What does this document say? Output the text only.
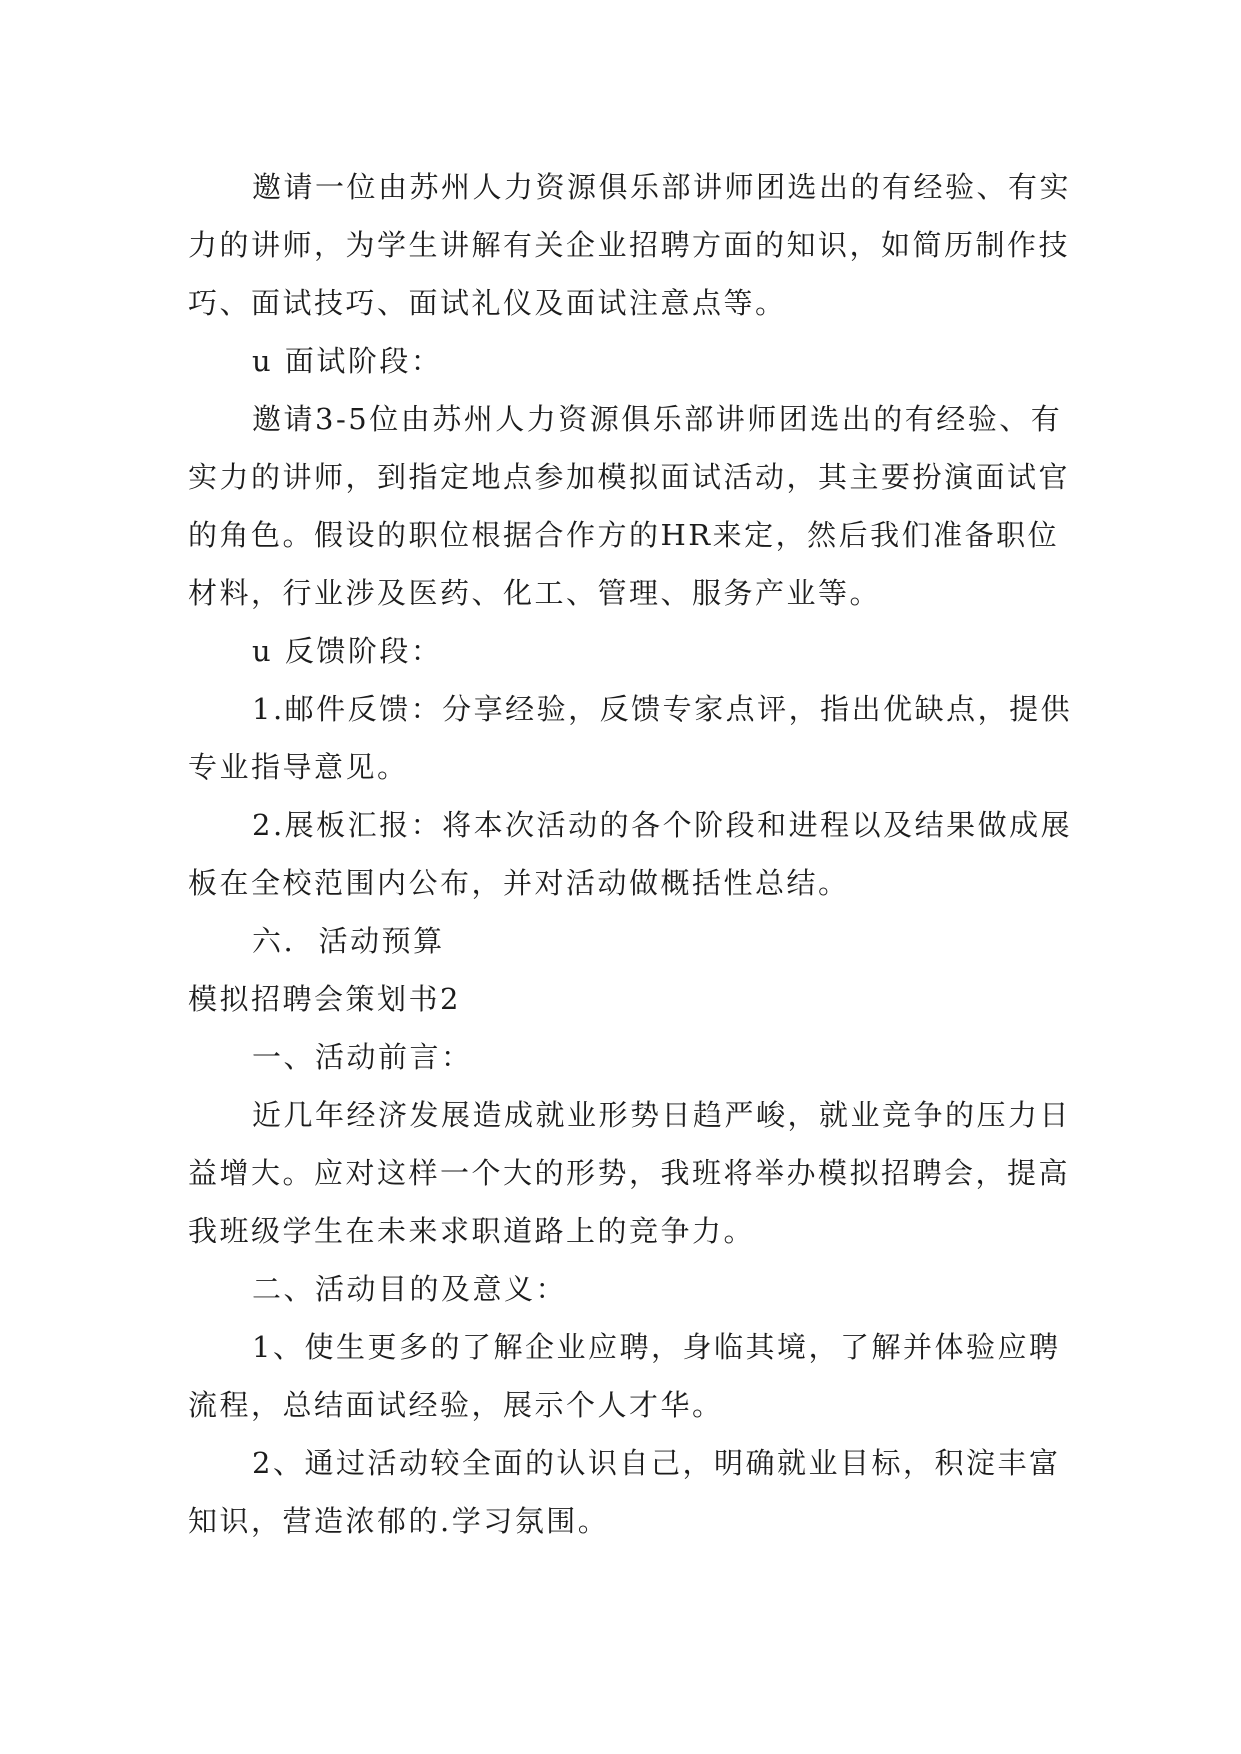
邀请一位由苏州人力资源俱乐部讲师团选出的有经验、有实力的讲师，为学生讲解有关企业招聘方面的知识，如简历制作技巧、面试技巧、面试礼仪及面试注意点等。

u 面试阶段：

邀请3-5位由苏州人力资源俱乐部讲师团选出的有经验、有实力的讲师，到指定地点参加模拟面试活动，其主要扮演面试官的角色。假设的职位根据合作方的HR来定，然后我们准备职位材料，行业涉及医药、化工、管理、服务产业等。

u 反馈阶段：

1.邮件反馈：分享经验，反馈专家点评，指出优缺点，提供专业指导意见。

2.展板汇报：将本次活动的各个阶段和进程以及结果做成展板在全校范围内公布，并对活动做概括性总结。

六.  活动预算

模拟招聘会策划书2

一、活动前言：

近几年经济发展造成就业形势日趋严峻，就业竞争的压力日益增大。应对这样一个大的形势，我班将举办模拟招聘会，提高我班级学生在未来求职道路上的竞争力。

二、活动目的及意义：

1、使生更多的了解企业应聘，身临其境，了解并体验应聘流程，总结面试经验，展示个人才华。

2、通过活动较全面的认识自己，明确就业目标，积淀丰富知识，营造浓郁的.学习氛围。
